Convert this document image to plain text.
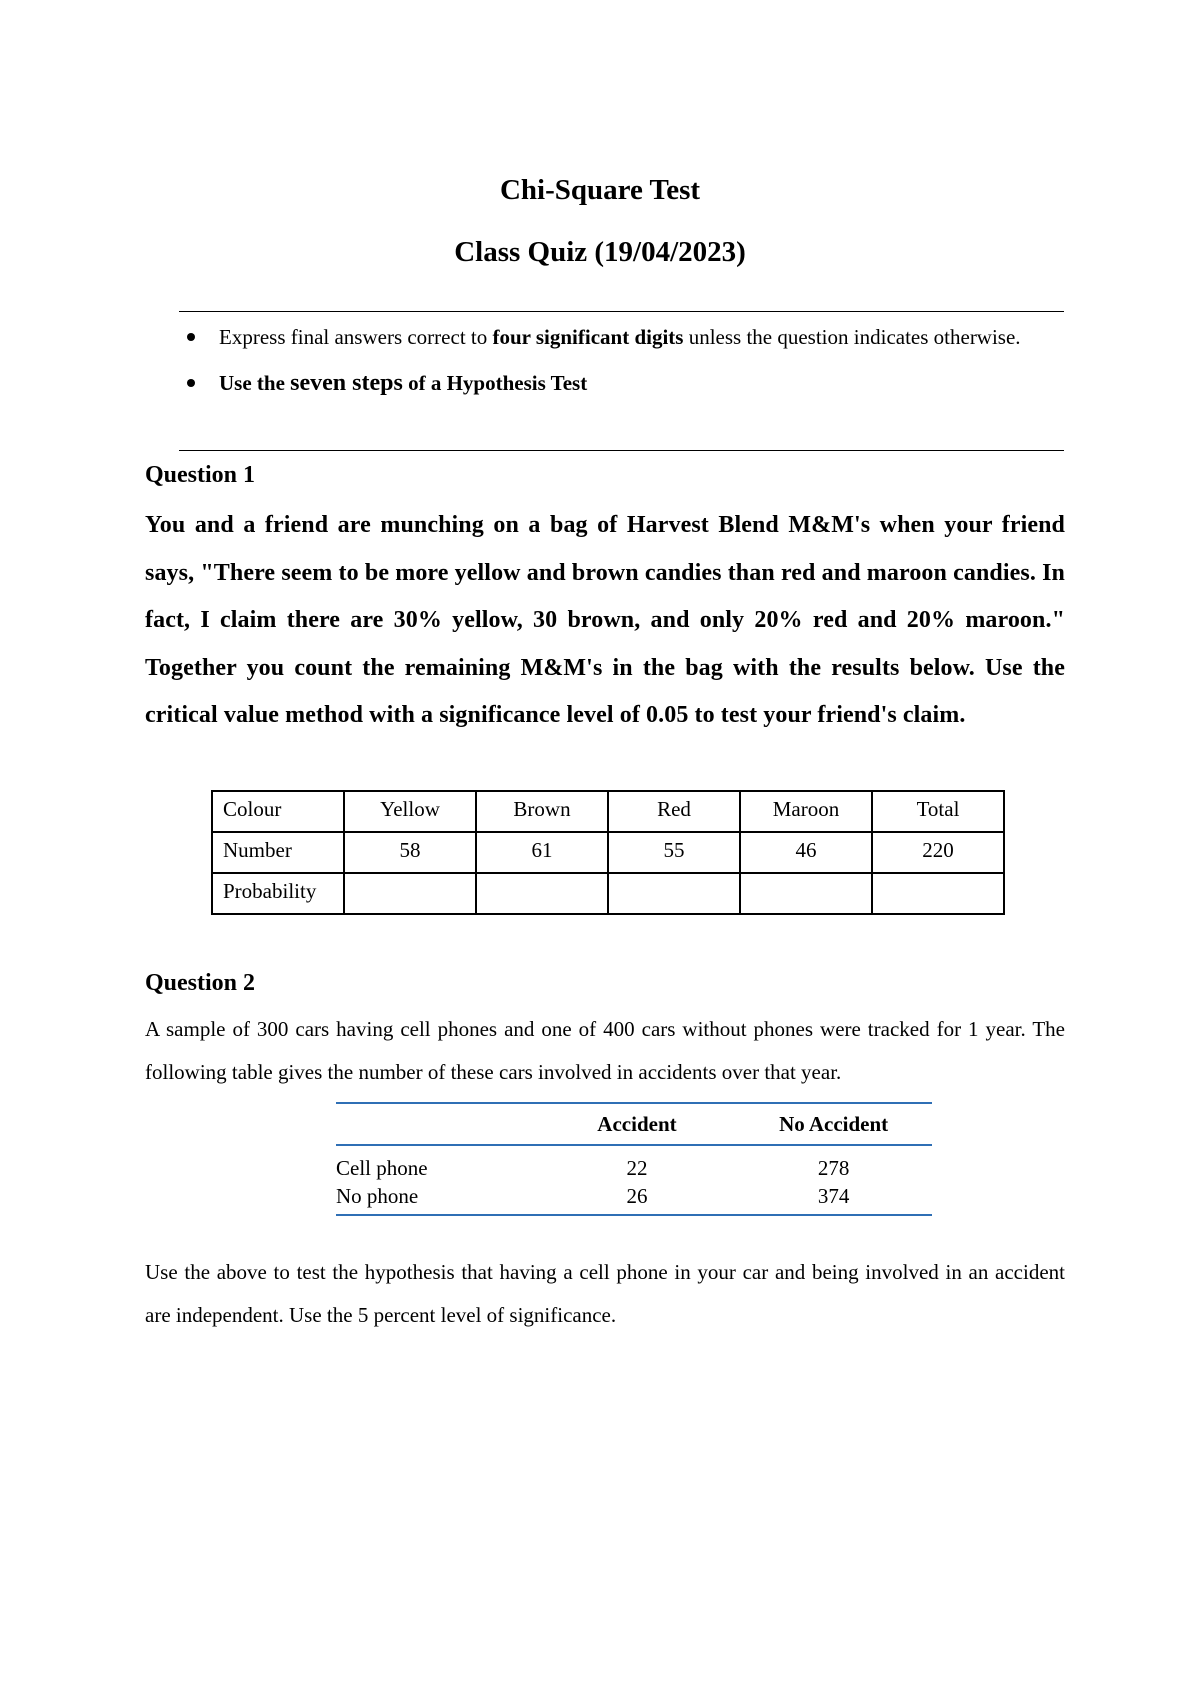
Chi-Square Test
Class Quiz (19/04/2023)
Express final answers correct to four significant digits unless the question indicates otherwise.
Use the seven steps of a Hypothesis Test
Question 1
You and a friend are munching on a bag of Harvest Blend M&M's when your friend says, "There seem to be more yellow and brown candies than red and maroon candies. In fact, I claim there are 30% yellow, 30 brown, and only 20% red and 20% maroon." Together you count the remaining M&M's in the bag with the results below. Use the critical value method with a significance level of 0.05 to test your friend's claim.
Colour	Yellow	Brown	Red	Maroon	Total
Number	58	61	55	46	220
Probability					
Question 2
A sample of 300 cars having cell phones and one of 400 cars without phones were tracked for 1 year. The following table gives the number of these cars involved in accidents over that year.
	Accident	No Accident
Cell phone	22	278
No phone	26	374
Use the above to test the hypothesis that having a cell phone in your car and being involved in an accident are independent. Use the 5 percent level of significance.
